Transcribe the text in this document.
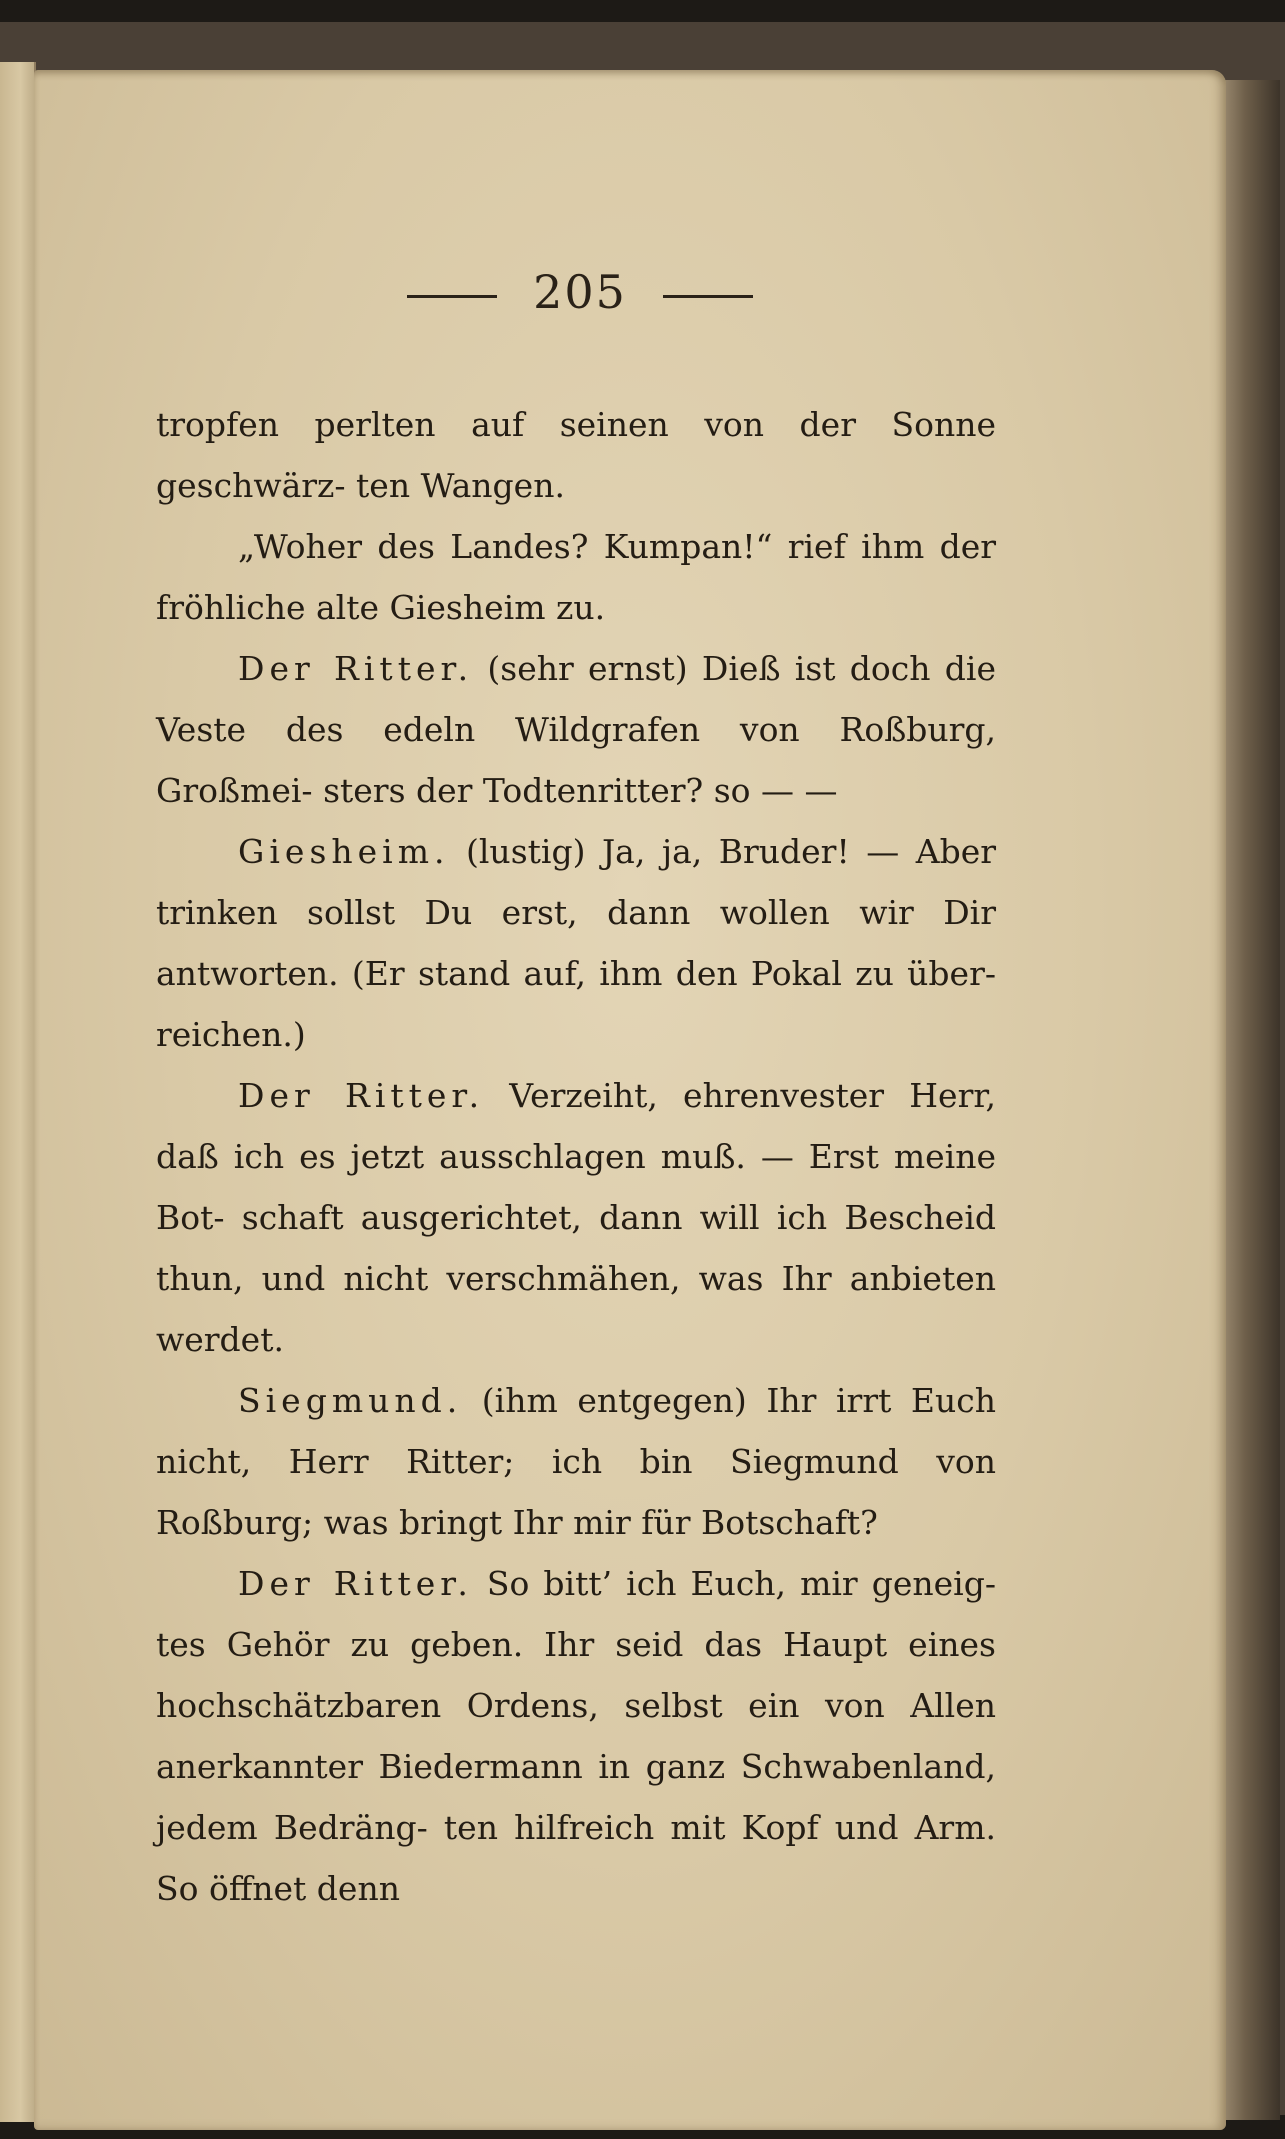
205

tropfen perlten auf seinen von der Sonne geschwärz- ten Wangen.

„Woher des Landes? Kumpan!“ rief ihm der fröhliche alte Giesheim zu.

Der Ritter. (sehr ernst) Dieß ist doch die Veste des edeln Wildgrafen von Roßburg, Großmei- sters der Todtenritter? so — —

Giesheim. (lustig) Ja, ja, Bruder! — Aber trinken sollst Du erst, dann wollen wir Dir antworten. (Er stand auf, ihm den Pokal zu über- reichen.)

Der Ritter. Verzeiht, ehrenvester Herr, daß ich es jetzt ausschlagen muß. — Erst meine Bot- schaft ausgerichtet, dann will ich Bescheid thun, und nicht verschmähen, was Ihr anbieten werdet.

Siegmund. (ihm entgegen) Ihr irrt Euch nicht, Herr Ritter; ich bin Siegmund von Roßburg; was bringt Ihr mir für Botschaft?

Der Ritter. So bitt’ ich Euch, mir geneig- tes Gehör zu geben. Ihr seid das Haupt eines hochschätzbaren Ordens, selbst ein von Allen anerkannter Biedermann in ganz Schwabenland, jedem Bedräng- ten hilfreich mit Kopf und Arm. So öffnet denn
